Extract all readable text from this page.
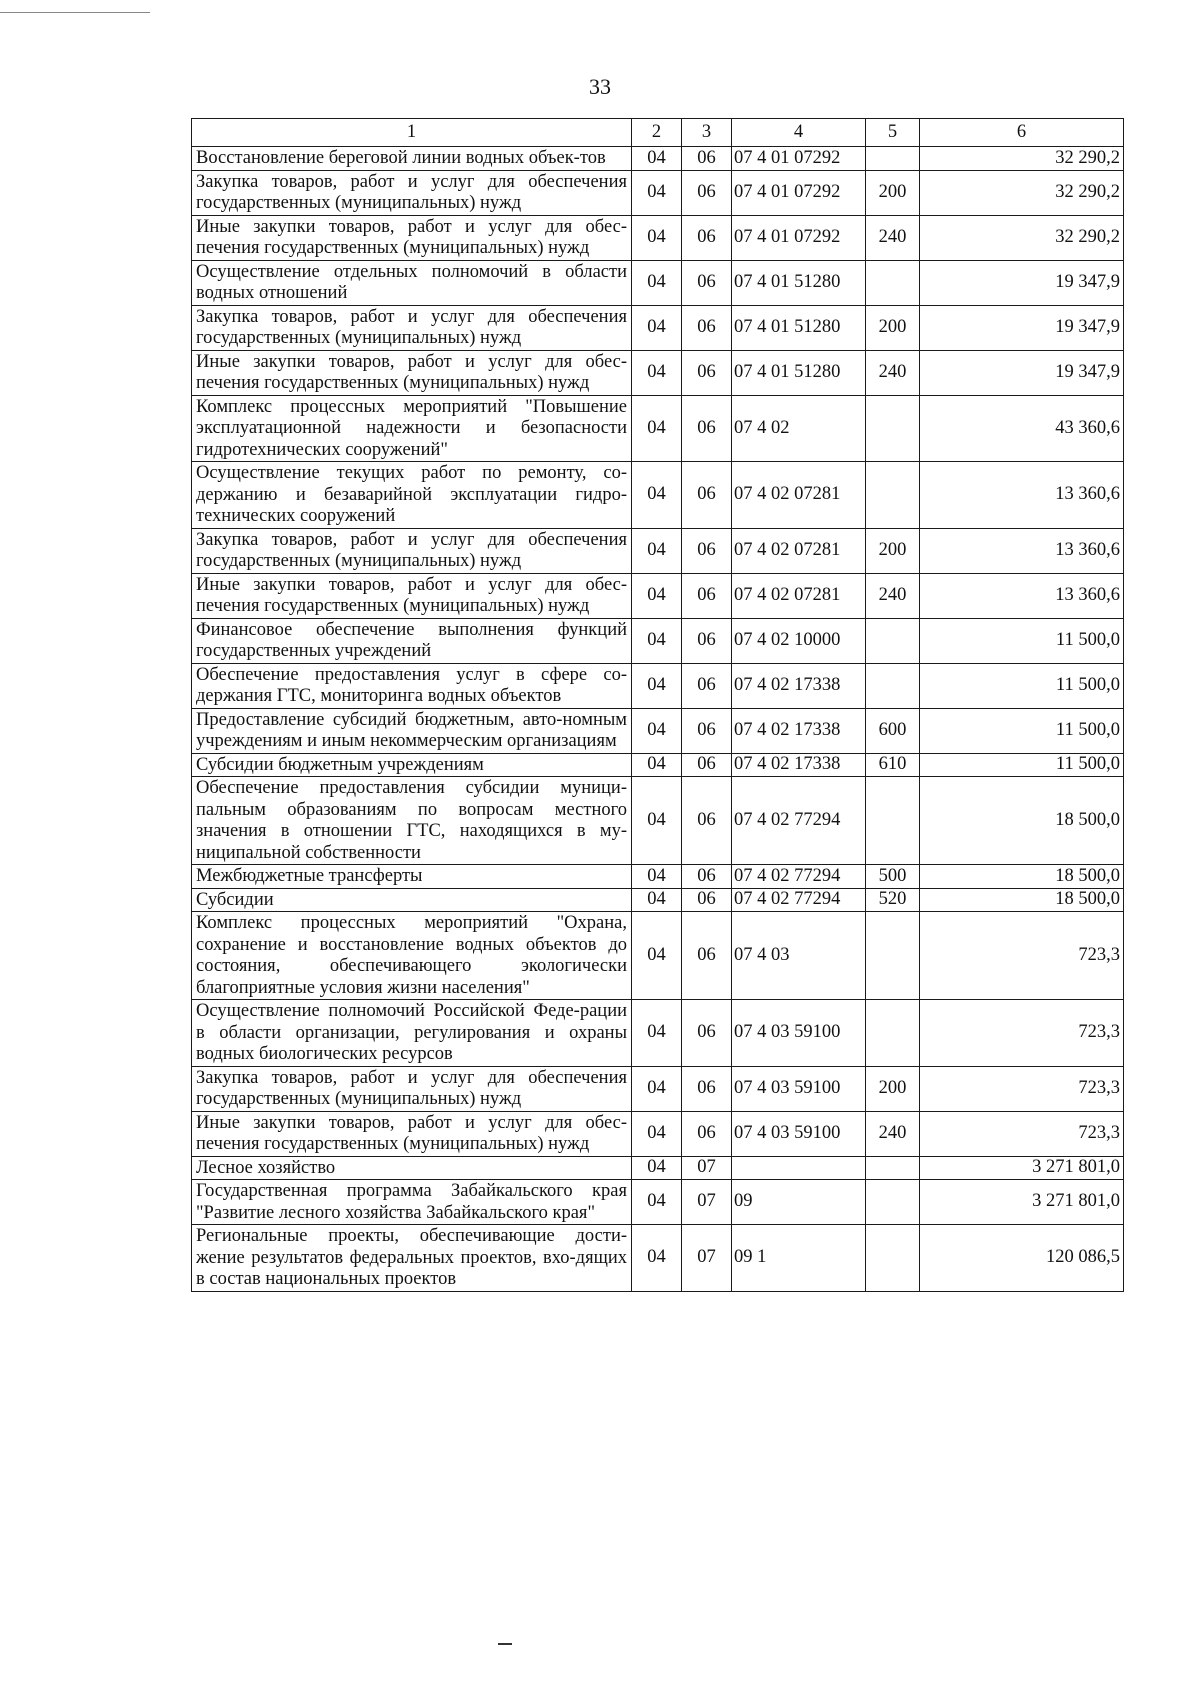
33
1	2	3	4	5	6
Восстановление береговой линии водных объек-тов	04	06	07 4 01 07292		32 290,2
Закупка товаров, работ и услуг для обеспечения государственных (муниципальных) нужд	04	06	07 4 01 07292	200	32 290,2
Иные закупки товаров, работ и услуг для обес-печения государственных (муниципальных) нужд	04	06	07 4 01 07292	240	32 290,2
Осуществление отдельных полномочий в области водных отношений	04	06	07 4 01 51280		19 347,9
Закупка товаров, работ и услуг для обеспечения государственных (муниципальных) нужд	04	06	07 4 01 51280	200	19 347,9
Иные закупки товаров, работ и услуг для обес-печения государственных (муниципальных) нужд	04	06	07 4 01 51280	240	19 347,9
Комплекс процессных мероприятий "Повышение эксплуатационной надежности и безопасности гидротехнических сооружений"	04	06	07 4 02		43 360,6
Осуществление текущих работ по ремонту, со-держанию и безаварийной эксплуатации гидро-технических сооружений	04	06	07 4 02 07281		13 360,6
Закупка товаров, работ и услуг для обеспечения государственных (муниципальных) нужд	04	06	07 4 02 07281	200	13 360,6
Иные закупки товаров, работ и услуг для обес-печения государственных (муниципальных) нужд	04	06	07 4 02 07281	240	13 360,6
Финансовое обеспечение выполнения функций государственных учреждений	04	06	07 4 02 10000		11 500,0
Обеспечение предоставления услуг в сфере со-держания ГТС, мониторинга водных объектов	04	06	07 4 02 17338		11 500,0
Предоставление субсидий бюджетным, авто-номным учреждениям и иным некоммерческим организациям	04	06	07 4 02 17338	600	11 500,0
Субсидии бюджетным учреждениям	04	06	07 4 02 17338	610	11 500,0
Обеспечение предоставления субсидии муници-пальным образованиям по вопросам местного значения в отношении ГТС, находящихся в му-ниципальной собственности	04	06	07 4 02 77294		18 500,0
Межбюджетные трансферты	04	06	07 4 02 77294	500	18 500,0
Субсидии	04	06	07 4 02 77294	520	18 500,0
Комплекс процессных мероприятий "Охрана, сохранение и восстановление водных объектов до состояния, обеспечивающего экологически благоприятные условия жизни населения"	04	06	07 4 03		723,3
Осуществление полномочий Российской Феде-рации в области организации, регулирования и охраны водных биологических ресурсов	04	06	07 4 03 59100		723,3
Закупка товаров, работ и услуг для обеспечения государственных (муниципальных) нужд	04	06	07 4 03 59100	200	723,3
Иные закупки товаров, работ и услуг для обес-печения государственных (муниципальных) нужд	04	06	07 4 03 59100	240	723,3
Лесное хозяйство	04	07			3 271 801,0
Государственная программа Забайкальского края "Развитие лесного хозяйства Забайкальского края"	04	07	09		3 271 801,0
Региональные проекты, обеспечивающие дости-жение результатов федеральных проектов, вхо-дящих в состав национальных проектов	04	07	09 1		120 086,5
